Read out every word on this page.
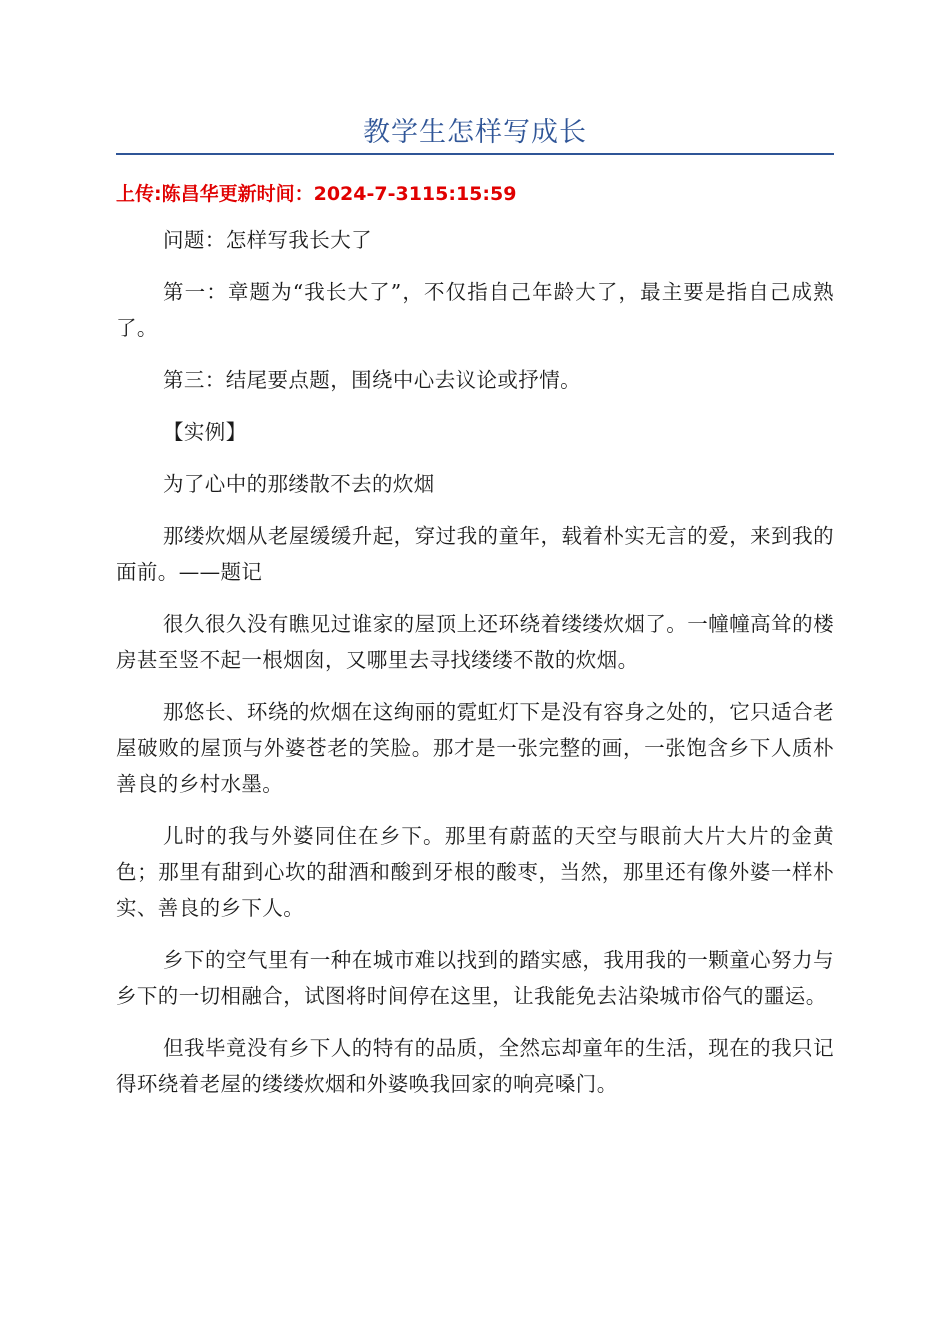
教学生怎样写成长
上传:陈昌华更新时间：2024-7-3115:15:59

问题：怎样写我长大了

第一：章题为“我长大了”，不仅指自己年龄大了，最主要是指自己成熟了。

第三：结尾要点题，围绕中心去议论或抒情。

【实例】

为了心中的那缕散不去的炊烟

那缕炊烟从老屋缓缓升起，穿过我的童年，载着朴实无言的爱，来到我的面前。——题记

很久很久没有瞧见过谁家的屋顶上还环绕着缕缕炊烟了。一幢幢高耸的楼房甚至竖不起一根烟囱，又哪里去寻找缕缕不散的炊烟。

那悠长、环绕的炊烟在这绚丽的霓虹灯下是没有容身之处的，它只适合老屋破败的屋顶与外婆苍老的笑脸。那才是一张完整的画，一张饱含乡下人质朴善良的乡村水墨。

儿时的我与外婆同住在乡下。那里有蔚蓝的天空与眼前大片大片的金黄色；那里有甜到心坎的甜酒和酸到牙根的酸枣，当然，那里还有像外婆一样朴实、善良的乡下人。

乡下的空气里有一种在城市难以找到的踏实感，我用我的一颗童心努力与乡下的一切相融合，试图将时间停在这里，让我能免去沾染城市俗气的噩运。

但我毕竟没有乡下人的特有的品质，全然忘却童年的生活，现在的我只记得环绕着老屋的缕缕炊烟和外婆唤我回家的响亮嗓门。
